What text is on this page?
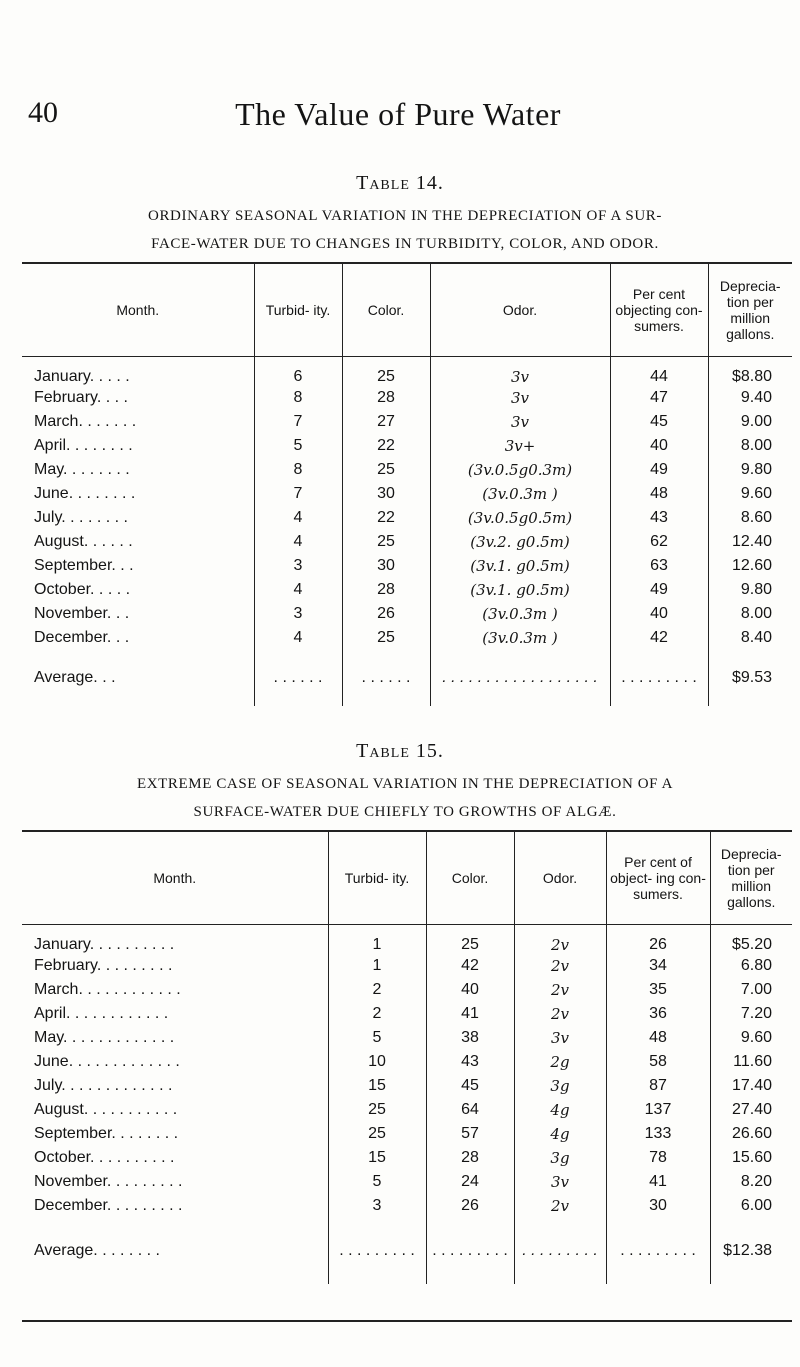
40	The Value of Pure Water
Table 14.
ORDINARY SEASONAL VARIATION IN THE DEPRECIATION OF A SUR-
FACE-WATER DUE TO CHANGES IN TURBIDITY, COLOR, AND ODOR.
Month.	Turbid- ity.	Color.	Odor.	Per cent objecting con- sumers.	Deprecia- tion per million gallons.
January. . . . .	6	25	3v	44	$8.80
February. . . .	8	28	3v	47	9.40
March. . . . . . .	7	27	3v	45	9.00
April. . . . . . . .	5	22	3v+	40	8.00
May. . . . . . . .	8	25	(3v.0.5g0.3m)	49	9.80
June. . . . . . . .	7	30	(3v.0.3m )	48	9.60
July. . . . . . . .	4	22	(3v.0.5g0.5m)	43	8.60
August. . . . . .	4	25	(3v.2. g0.5m)	62	12.40
September. . .	3	30	(3v.1. g0.5m)	63	12.60
October. . . . .	4	28	(3v.1. g0.5m)	49	9.80
November. . .	3	26	(3v.0.3m )	40	8.00
December. . .	4	25	(3v.0.3m )	42	8.40
Average. . .	. . . . . .	. . . . . .	. . . . . . . . . . . . . . . . . .	. . . . . . . . .	$9.53
Table 15.
EXTREME CASE OF SEASONAL VARIATION IN THE DEPRECIATION OF A
SURFACE-WATER DUE CHIEFLY TO GROWTHS OF ALGÆ.
Month.	Turbid- ity.	Color.	Odor.	Per cent of object- ing con- sumers.	Deprecia- tion per million gallons.
January. . . . . . . . . .	1	25	2v	26	$5.20
February. . . . . . . . .	1	42	2v	34	6.80
March. . . . . . . . . . . .	2	40	2v	35	7.00
April. . . . . . . . . . . .	2	41	2v	36	7.20
May. . . . . . . . . . . . .	5	38	3v	48	9.60
June. . . . . . . . . . . . .	10	43	2g	58	11.60
July. . . . . . . . . . . . .	15	45	3g	87	17.40
August. . . . . . . . . . .	25	64	4g	137	27.40
September. . . . . . . .	25	57	4g	133	26.60
October. . . . . . . . . .	15	28	3g	78	15.60
November. . . . . . . . .	5	24	3v	41	8.20
December. . . . . . . . .	3	26	2v	30	6.00
Average. . . . . . . .	. . . . . . . . .	. . . . . . . . .	. . . . . . . . .	. . . . . . . . .	$12.38
